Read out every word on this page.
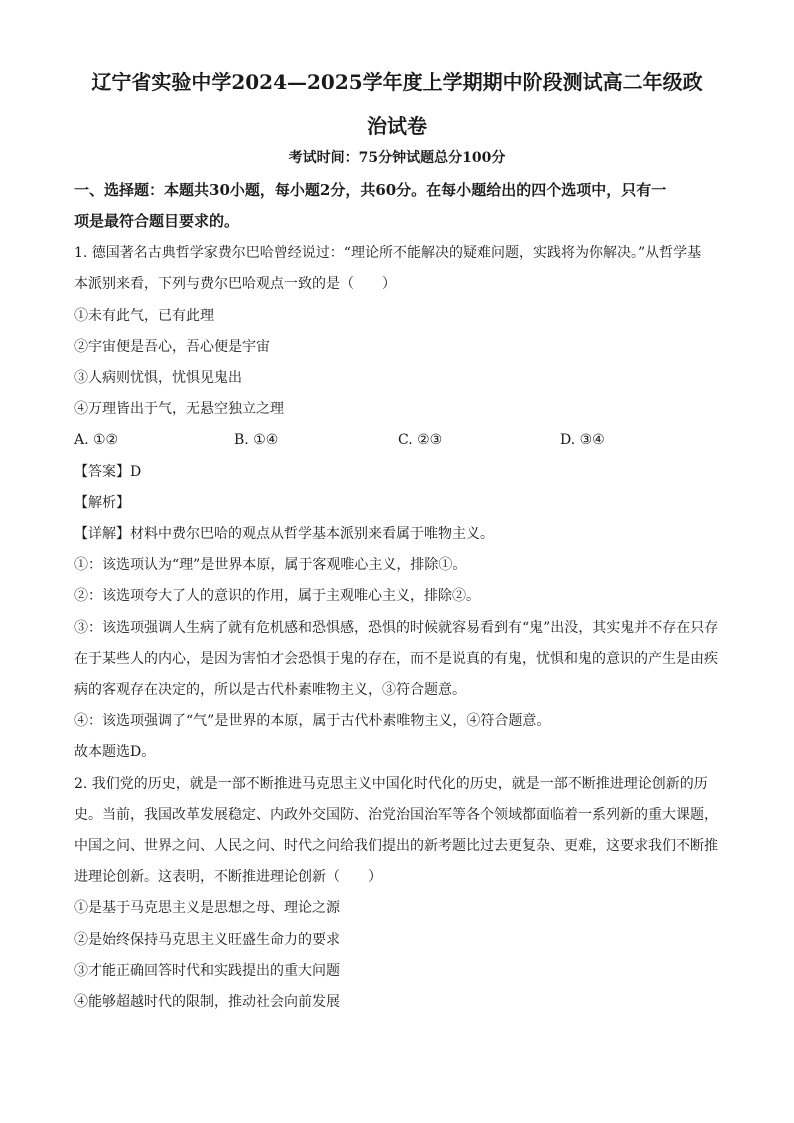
辽宁省实验中学2024—2025学年度上学期期中阶段测试高二年级政
治试卷
考试时间：75分钟试题总分100分
一、选择题：本题共30小题，每小题2分，共60分。在每小题给出的四个选项中，只有一
项是最符合题目要求的。
1. 德国著名古典哲学家费尔巴哈曾经说过：“理论所不能解决的疑难问题，实践将为你解决。”从哲学基
本派别来看，下列与费尔巴哈观点一致的是（　　）
①未有此气，已有此理
②宇宙便是吾心，吾心便是宇宙
③人病则忧惧，忧惧见鬼出
④万理皆出于气，无悬空独立之理
A. ①②	B. ①④	C. ②③	D. ③④
【答案】D
【解析】
【详解】材料中费尔巴哈的观点从哲学基本派别来看属于唯物主义。
①：该选项认为“理”是世界本原，属于客观唯心主义，排除①。
②：该选项夸大了人的意识的作用，属于主观唯心主义，排除②。
③：该选项强调人生病了就有危机感和恐惧感，恐惧的时候就容易看到有“鬼”出没，其实鬼并不存在只存
在于某些人的内心，是因为害怕才会恐惧于鬼的存在，而不是说真的有鬼，忧惧和鬼的意识的产生是由疾
病的客观存在决定的，所以是古代朴素唯物主义，③符合题意。
④：该选项强调了“气”是世界的本原，属于古代朴素唯物主义，④符合题意。
故本题选D。
2. 我们党的历史，就是一部不断推进马克思主义中国化时代化的历史，就是一部不断推进理论创新的历
史。当前，我国改革发展稳定、内政外交国防、治党治国治军等各个领域都面临着一系列新的重大课题，
中国之问、世界之问、人民之问、时代之问给我们提出的新考题比过去更复杂、更难，这要求我们不断推
进理论创新。这表明，不断推进理论创新（　　）
①是基于马克思主义是思想之母、理论之源
②是始终保持马克思主义旺盛生命力的要求
③才能正确回答时代和实践提出的重大问题
④能够超越时代的限制，推动社会向前发展
